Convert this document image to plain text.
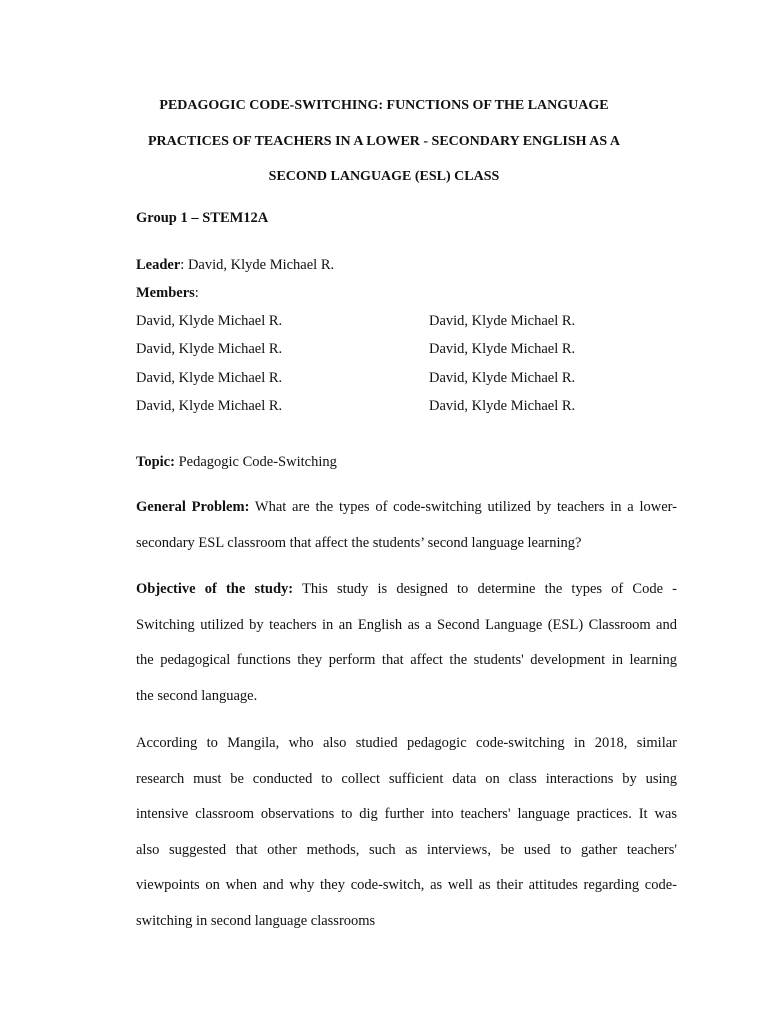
PEDAGOGIC CODE-SWITCHING: FUNCTIONS OF THE LANGUAGE
PRACTICES OF TEACHERS IN A LOWER - SECONDARY ENGLISH AS A
SECOND LANGUAGE (ESL) CLASS
Group 1 – STEM12A
Leader: David, Klyde Michael R.
Members:
David, Klyde Michael R.
David, Klyde Michael R.
David, Klyde Michael R.
David, Klyde Michael R.
David, Klyde Michael R.
David, Klyde Michael R.
David, Klyde Michael R.
David, Klyde Michael R.
Topic: Pedagogic Code-Switching
General Problem: What are the types of code-switching utilized by teachers in a lower-
secondary ESL classroom that affect the students’ second language learning?
Objective of the study: This study is designed to determine the types of Code -
Switching utilized by teachers in an English as a Second Language (ESL) Classroom and
the pedagogical functions they perform that affect the students' development in learning
the second language.
According to Mangila, who also studied pedagogic code-switching in 2018, similar
research must be conducted to collect sufficient data on class interactions by using
intensive classroom observations to dig further into teachers' language practices. It was
also suggested that other methods, such as interviews, be used to gather teachers'
viewpoints on when and why they code-switch, as well as their attitudes regarding code-
switching in second language classrooms
